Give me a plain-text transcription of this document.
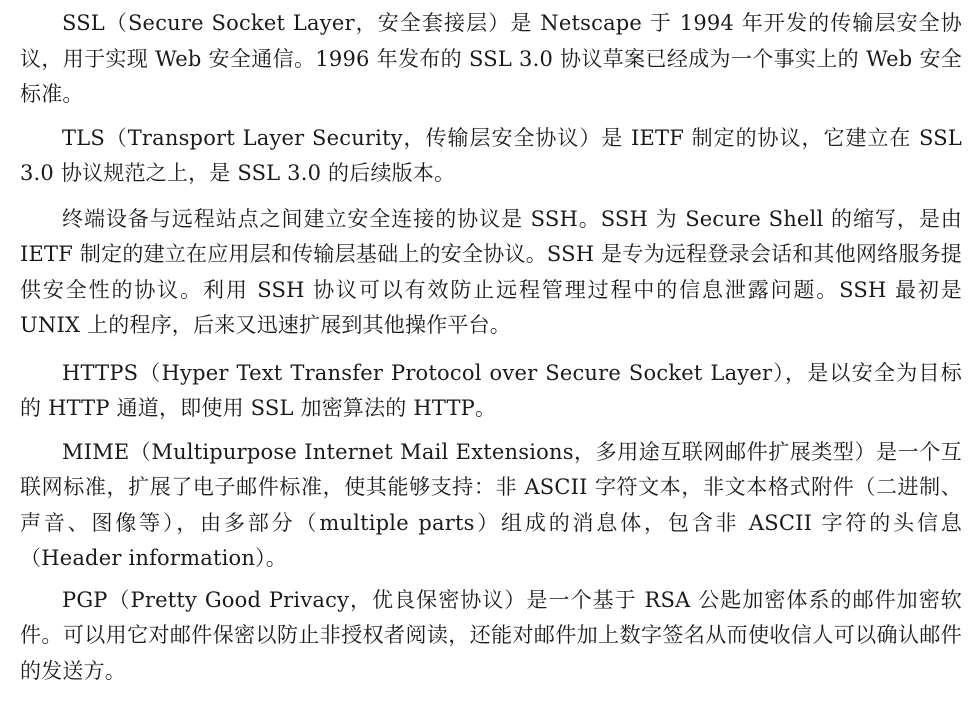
SSL（Secure Socket Layer，安全套接层）是 Netscape 于 1994 年开发的传输层安全协议，用于实现 Web 安全通信。1996 年发布的 SSL 3.0 协议草案已经成为一个事实上的 Web 安全标准。

TLS（Transport Layer Security，传输层安全协议）是 IETF 制定的协议，它建立在 SSL 3.0 协议规范之上，是 SSL 3.0 的后续版本。

终端设备与远程站点之间建立安全连接的协议是 SSH。SSH 为 Secure Shell 的缩写，是由 IETF 制定的建立在应用层和传输层基础上的安全协议。SSH 是专为远程登录会话和其他网络服务提供安全性的协议。利用 SSH 协议可以有效防止远程管理过程中的信息泄露问题。SSH 最初是 UNIX 上的程序，后来又迅速扩展到其他操作平台。

HTTPS（Hyper Text Transfer Protocol over Secure Socket Layer），是以安全为目标的 HTTP 通道，即使用 SSL 加密算法的 HTTP。

MIME（Multipurpose Internet Mail Extensions，多用途互联网邮件扩展类型）是一个互联网标准，扩展了电子邮件标准，使其能够支持：非 ASCII 字符文本，非文本格式附件（二进制、声音、图像等），由多部分（multiple parts）组成的消息体，包含非 ASCII 字符的头信息（Header information）。

PGP（Pretty Good Privacy，优良保密协议）是一个基于 RSA 公匙加密体系的邮件加密软件。可以用它对邮件保密以防止非授权者阅读，还能对邮件加上数字签名从而使收信人可以确认邮件的发送方。
